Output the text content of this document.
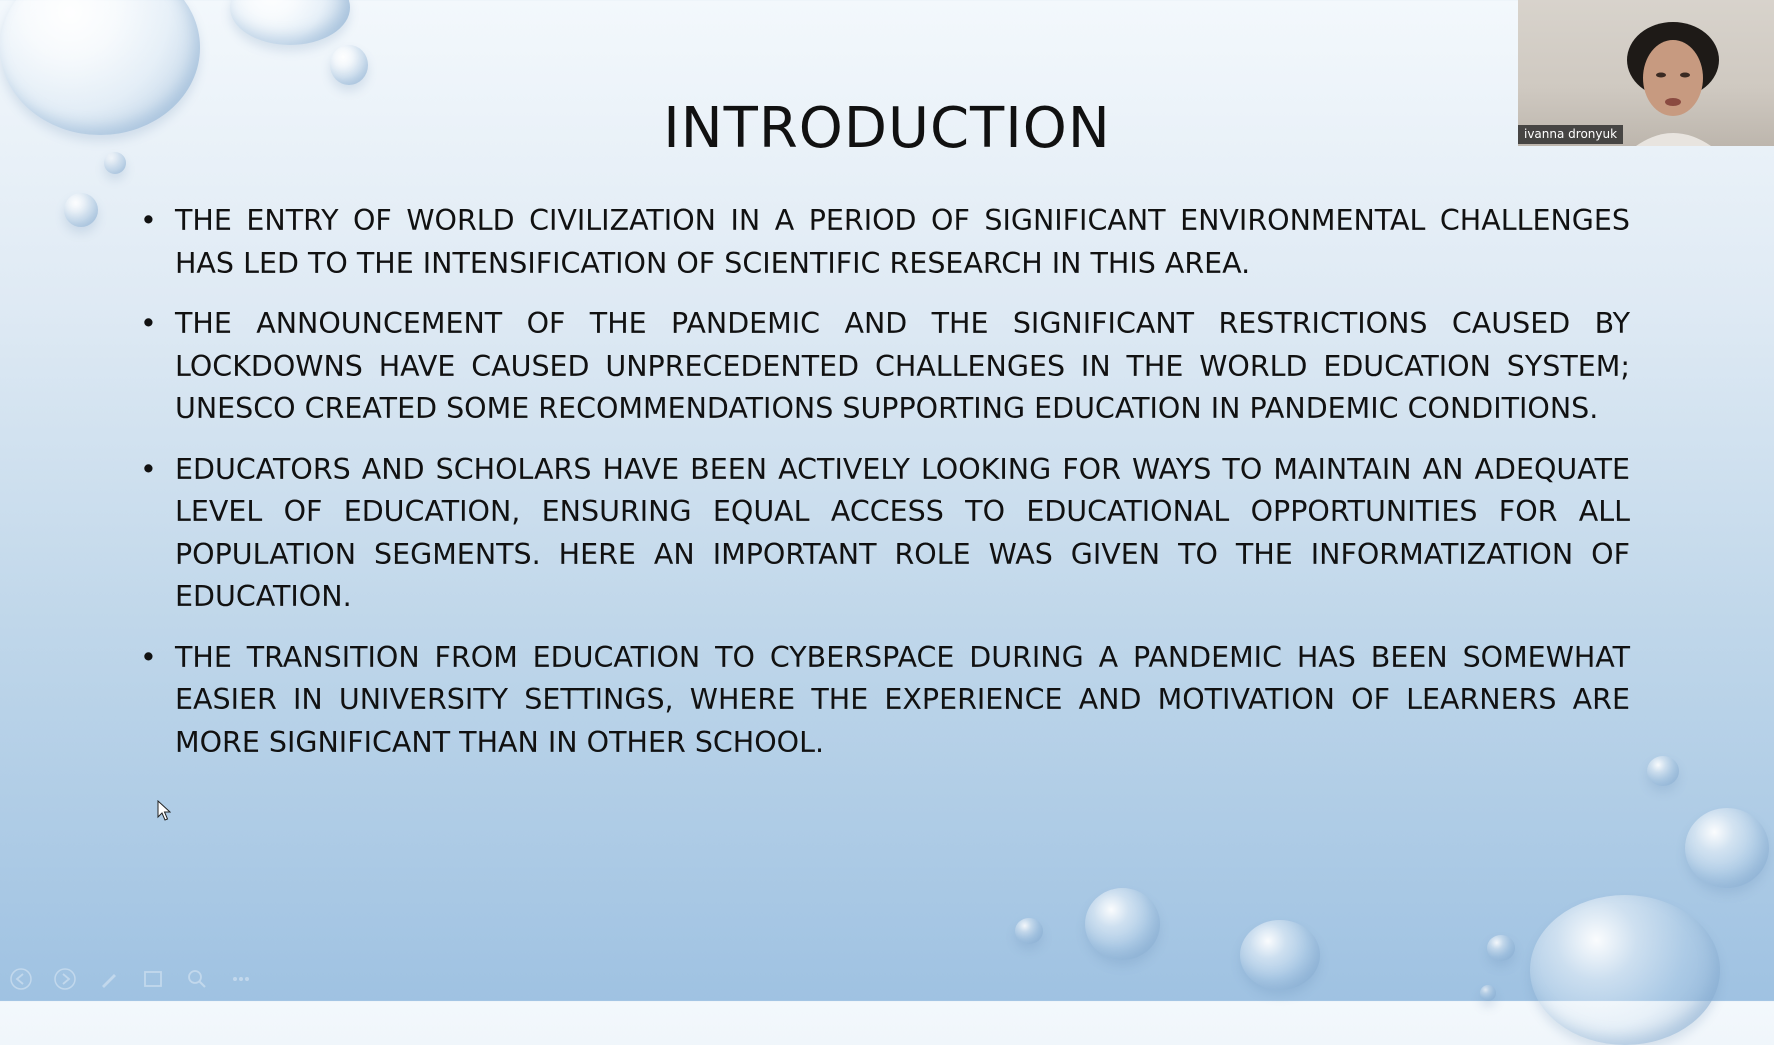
INTRODUCTION
• THE ENTRY OF WORLD CIVILIZATION IN A PERIOD OF SIGNIFICANT ENVIRONMENTAL CHALLENGES HAS LED TO THE INTENSIFICATION OF SCIENTIFIC RESEARCH IN THIS AREA.
• THE ANNOUNCEMENT OF THE PANDEMIC AND THE SIGNIFICANT RESTRICTIONS CAUSED BY LOCKDOWNS HAVE CAUSED UNPRECEDENTED CHALLENGES IN THE WORLD EDUCATION SYSTEM; UNESCO CREATED SOME RECOMMENDATIONS SUPPORTING EDUCATION IN PANDEMIC CONDITIONS.
• EDUCATORS AND SCHOLARS HAVE BEEN ACTIVELY LOOKING FOR WAYS TO MAINTAIN AN ADEQUATE LEVEL OF EDUCATION, ENSURING EQUAL ACCESS TO EDUCATIONAL OPPORTUNITIES FOR ALL POPULATION SEGMENTS. HERE AN IMPORTANT ROLE WAS GIVEN TO THE INFORMATIZATION OF EDUCATION.
• THE TRANSITION FROM EDUCATION TO CYBERSPACE DURING A PANDEMIC HAS BEEN SOMEWHAT EASIER IN UNIVERSITY SETTINGS, WHERE THE EXPERIENCE AND MOTIVATION OF LEARNERS ARE MORE SIGNIFICANT THAN IN OTHER SCHOOL.
ivanna dronyuk
